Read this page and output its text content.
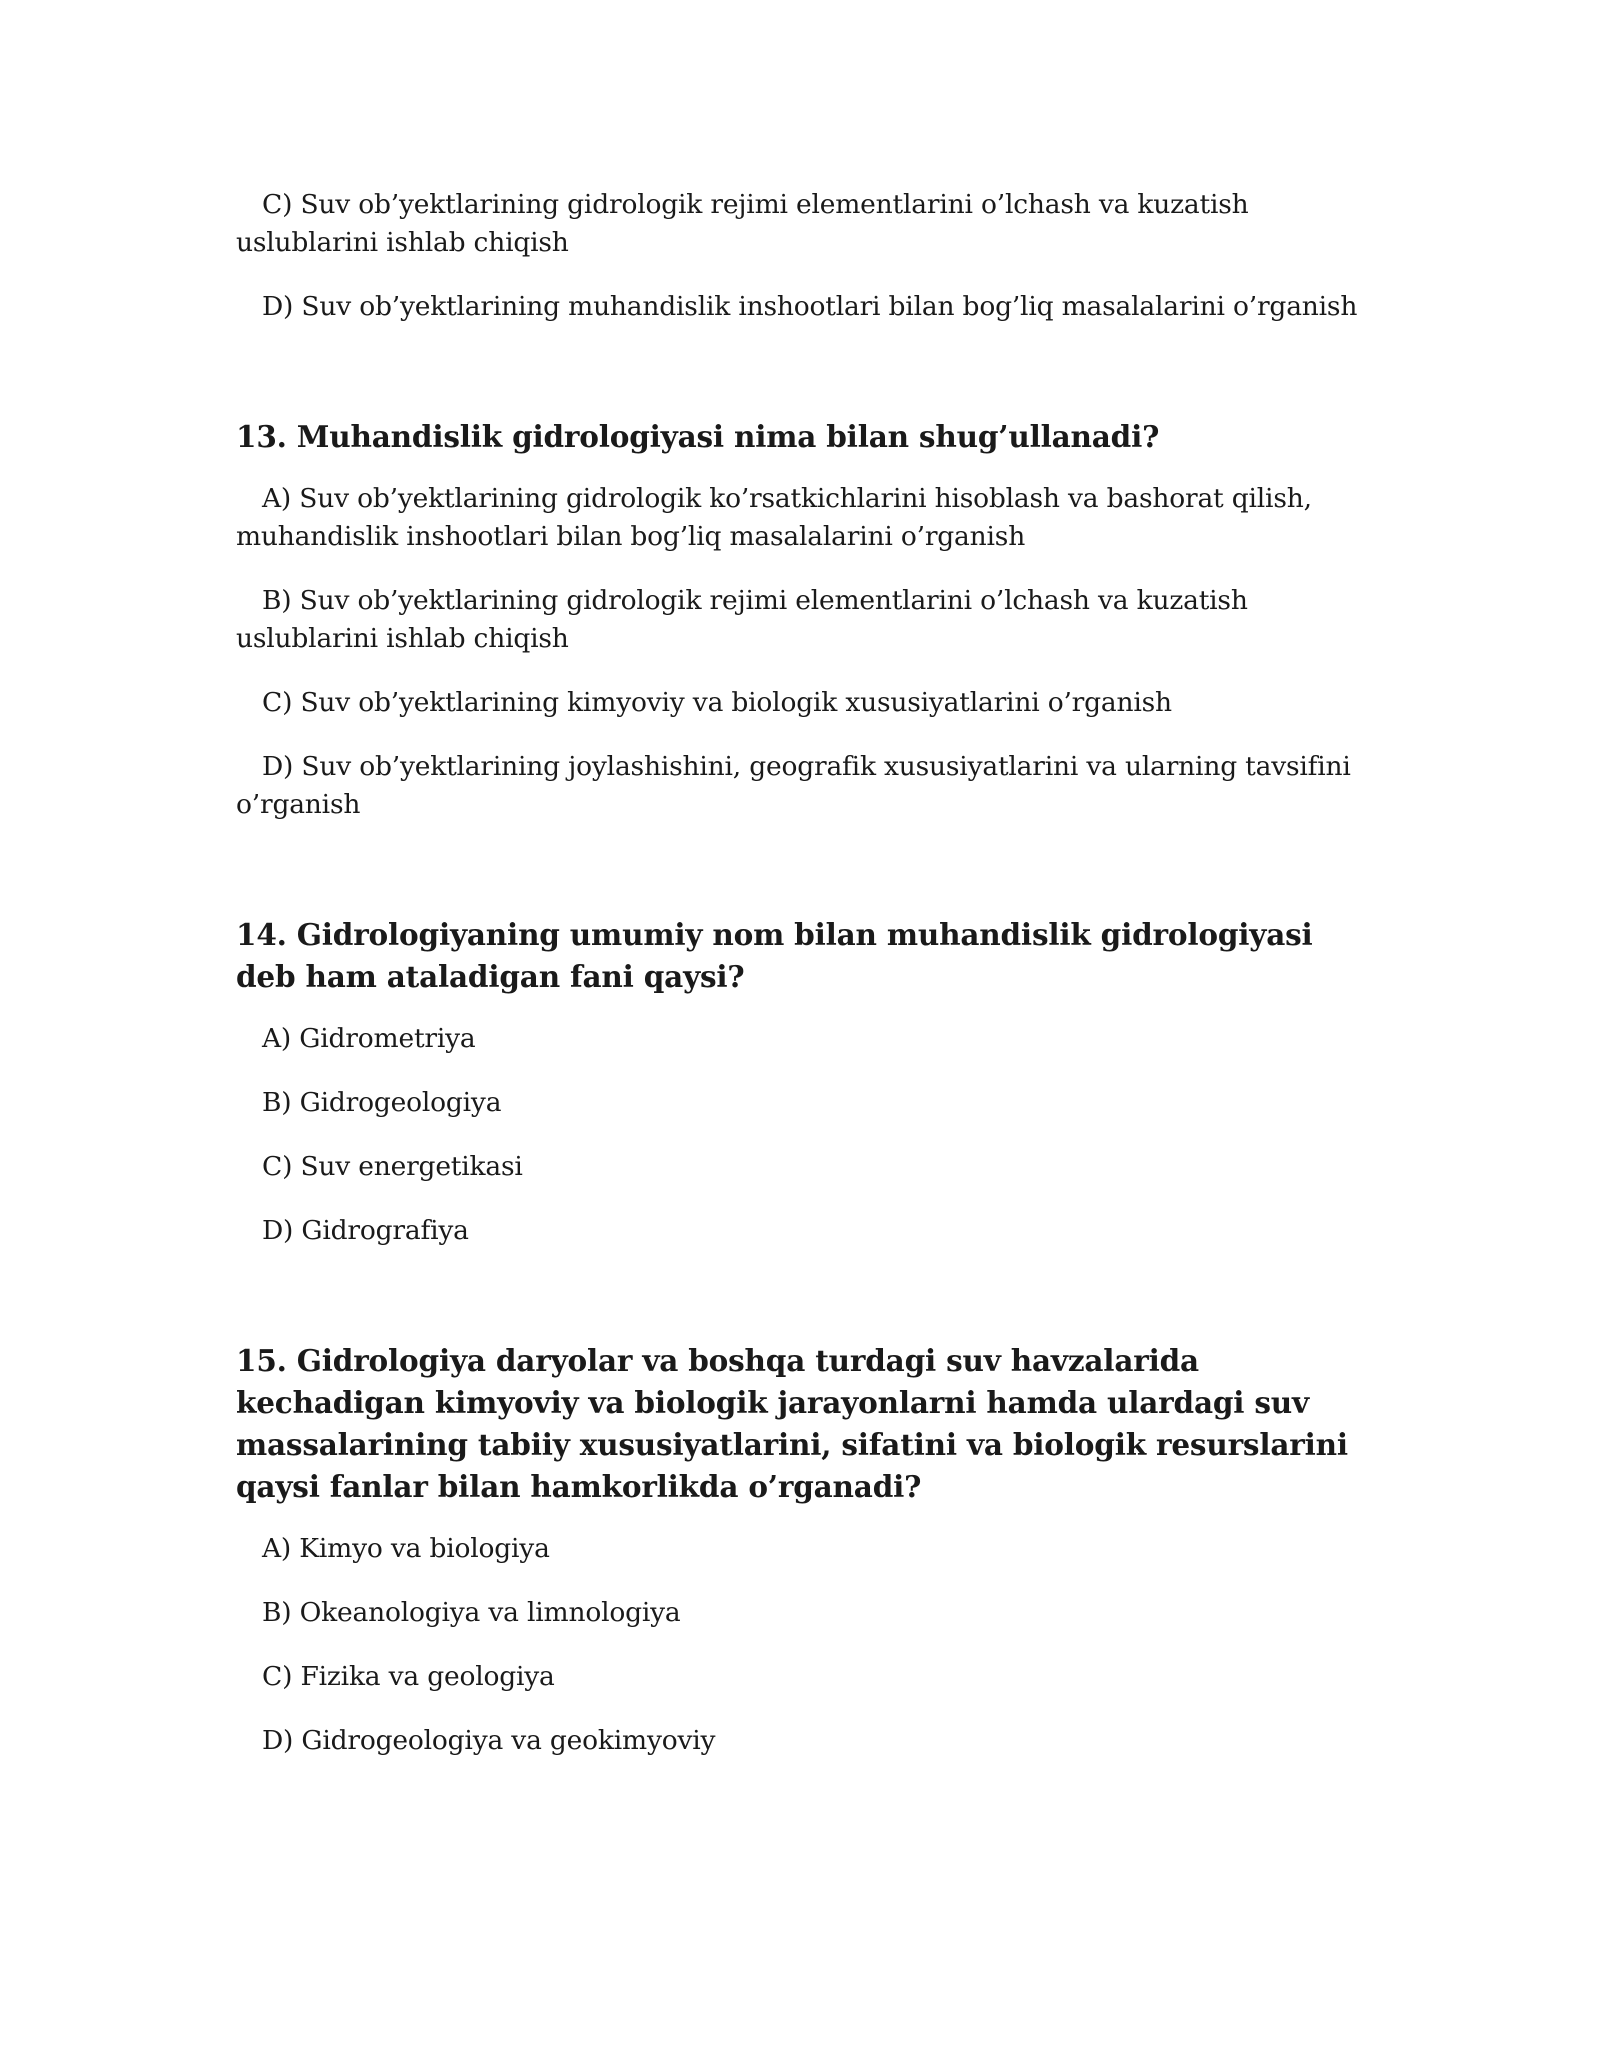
C) Suv ob’yektlarining gidrologik rejimi elementlarini o’lchash va kuzatish uslublarini ishlab chiqish

D) Suv ob’yektlarining muhandislik inshootlari bilan bog’liq masalalarini o’rganish

13. Muhandislik gidrologiyasi nima bilan shug’ullanadi?

A) Suv ob’yektlarining gidrologik ko’rsatkichlarini hisoblash va bashorat qilish, muhandislik inshootlari bilan bog’liq masalalarini o’rganish

B) Suv ob’yektlarining gidrologik rejimi elementlarini o’lchash va kuzatish uslublarini ishlab chiqish

C) Suv ob’yektlarining kimyoviy va biologik xususiyatlarini o’rganish

D) Suv ob’yektlarining joylashishini, geografik xususiyatlarini va ularning tavsifini o’rganish

14. Gidrologiyaning umumiy nom bilan muhandislik gidrologiyasi deb ham ataladigan fani qaysi?

A) Gidrometriya

B) Gidrogeologiya

C) Suv energetikasi

D) Gidrografiya

15. Gidrologiya daryolar va boshqa turdagi suv havzalarida kechadigan kimyoviy va biologik jarayonlarni hamda ulardagi suv massalarining tabiiy xususiyatlarini, sifatini va biologik resurslarini qaysi fanlar bilan hamkorlikda o’rganadi?

A) Kimyo va biologiya

B) Okeanologiya va limnologiya

C) Fizika va geologiya

D) Gidrogeologiya va geokimyoviy
